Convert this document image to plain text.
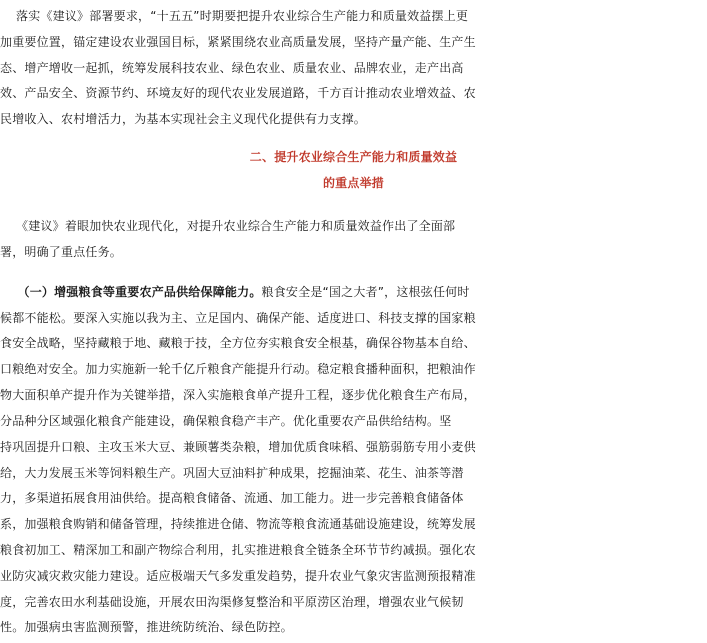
落实《建议》部署要求，“十五五”时期要把提升农业综合生产能力和质量效益摆上更
加重要位置，锚定建设农业强国目标，紧紧围绕农业高质量发展，坚持产量产能、生产生
态、增产增收一起抓，统筹发展科技农业、绿色农业、质量农业、品牌农业，走产出高
效、产品安全、资源节约、环境友好的现代农业发展道路，千方百计推动农业增效益、农
民增收入、农村增活力，为基本实现社会主义现代化提供有力支撑。
二、提升农业综合生产能力和质量效益
的重点举措
《建议》着眼加快农业现代化，对提升农业综合生产能力和质量效益作出了全面部
署，明确了重点任务。
（一）增强粮食等重要农产品供给保障能力。粮食安全是“国之大者”，这根弦任何时
候都不能松。要深入实施以我为主、立足国内、确保产能、适度进口、科技支撑的国家粮
食安全战略，坚持藏粮于地、藏粮于技，全方位夯实粮食安全根基，确保谷物基本自给、
口粮绝对安全。加力实施新一轮千亿斤粮食产能提升行动。稳定粮食播种面积，把粮油作
物大面积单产提升作为关键举措，深入实施粮食单产提升工程，逐步优化粮食生产布局，
分品种分区域强化粮食产能建设，确保粮食稳产丰产。优化重要农产品供给结构。坚
持巩固提升口粮、主攻玉米大豆、兼顾薯类杂粮，增加优质食味稻、强筋弱筋专用小麦供
给，大力发展玉米等饲料粮生产。巩固大豆油料扩种成果，挖掘油菜、花生、油茶等潜
力，多渠道拓展食用油供给。提高粮食储备、流通、加工能力。进一步完善粮食储备体
系，加强粮食购销和储备管理，持续推进仓储、物流等粮食流通基础设施建设，统筹发展
粮食初加工、精深加工和副产物综合利用，扎实推进粮食全链条全环节节约减损。强化农
业防灾减灾救灾能力建设。适应极端天气多发重发趋势，提升农业气象灾害监测预报精准
度，完善农田水利基础设施，开展农田沟渠修复整治和平原涝区治理，增强农业气候韧
性。加强病虫害监测预警，推进统防统治、绿色防控。
